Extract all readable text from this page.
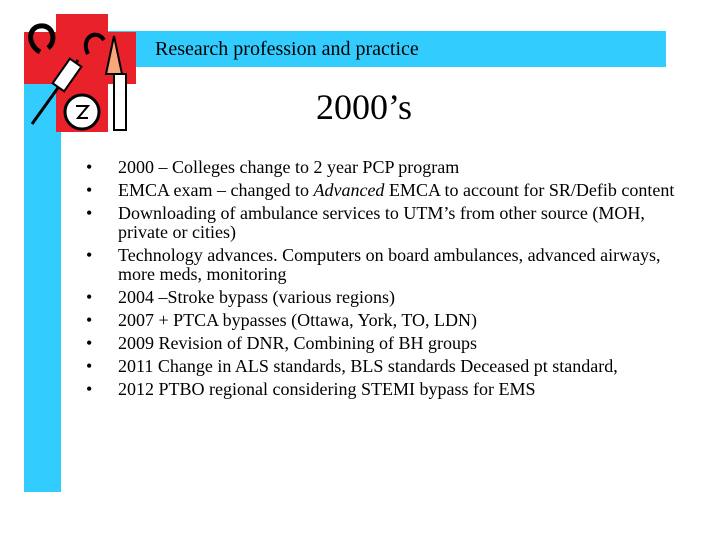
Research profession and practice
2000’s
• 2000 – Colleges change to 2 year PCP program
• EMCA exam – changed to Advanced EMCA to account for SR/Defib content
• Downloading of ambulance services to UTM’s from other source (MOH, private or cities)
• Technology advances. Computers on board ambulances, advanced airways, more meds, monitoring
• 2004 –Stroke bypass (various regions)
• 2007 + PTCA bypasses (Ottawa, York, TO, LDN)
• 2009 Revision of DNR, Combining of BH groups
• 2011 Change in ALS standards, BLS standards Deceased pt standard,
• 2012 PTBO regional considering STEMI bypass for EMS
